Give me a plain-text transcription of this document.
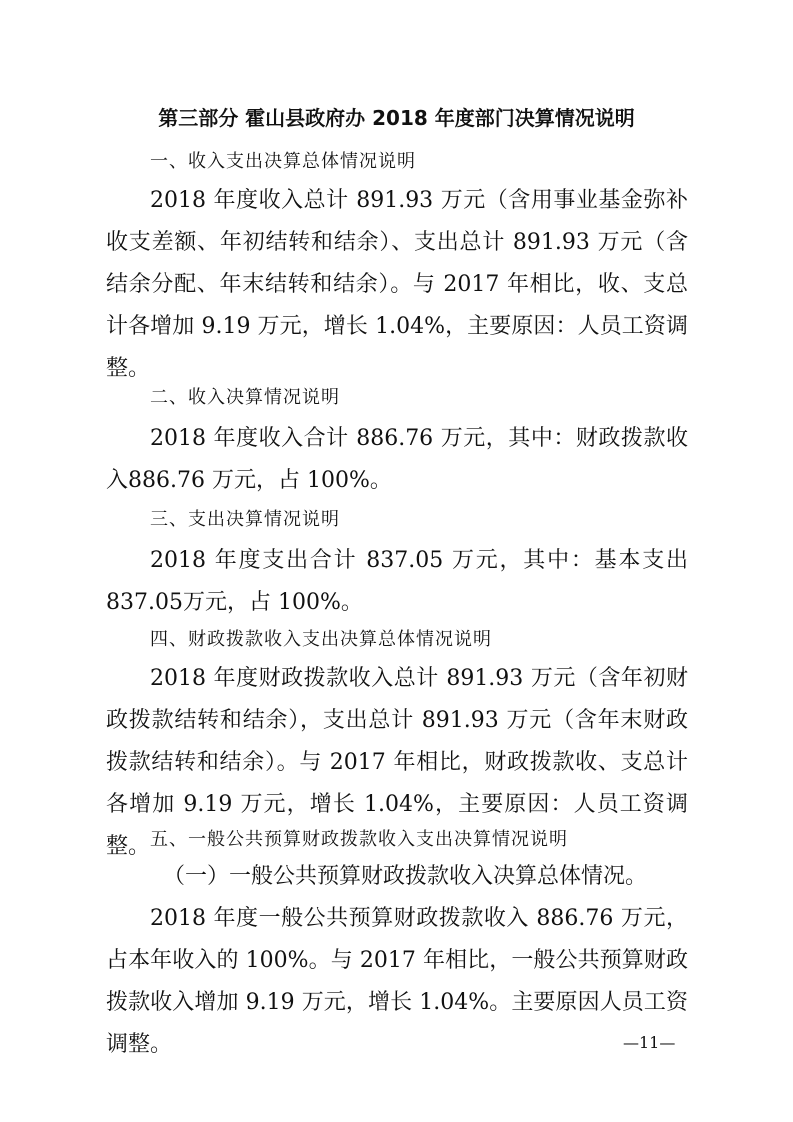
第三部分 霍山县政府办 2018 年度部门决算情况说明
一、收入支出决算总体情况说明
2018 年度收入总计 891.93 万元（含用事业基金弥补收支差额、年初结转和结余）、支出总计 891.93 万元（含结余分配、年末结转和结余）。与 2017 年相比，收、支总计各增加 9.19 万元，增长 1.04%，主要原因：人员工资调整。
二、收入决算情况说明
2018 年度收入合计 886.76 万元，其中：财政拨款收入886.76 万元，占 100%。
三、支出决算情况说明
2018 年度支出合计 837.05 万元，其中：基本支出837.05万元，占 100%。
四、财政拨款收入支出决算总体情况说明
2018 年度财政拨款收入总计 891.93 万元（含年初财政拨款结转和结余），支出总计 891.93 万元（含年末财政拨款结转和结余）。与 2017 年相比，财政拨款收、支总计各增加 9.19 万元，增长 1.04%，主要原因：人员工资调整。 五、一般公共预算财政拨款收入支出决算情况说明
（一）一般公共预算财政拨款收入决算总体情况。
2018 年度一般公共预算财政拨款收入 886.76 万元，占本年收入的 100%。与 2017 年相比，一般公共预算财政拨款收入增加 9.19 万元，增长 1.04%。主要原因人员工资调整。	—11—
